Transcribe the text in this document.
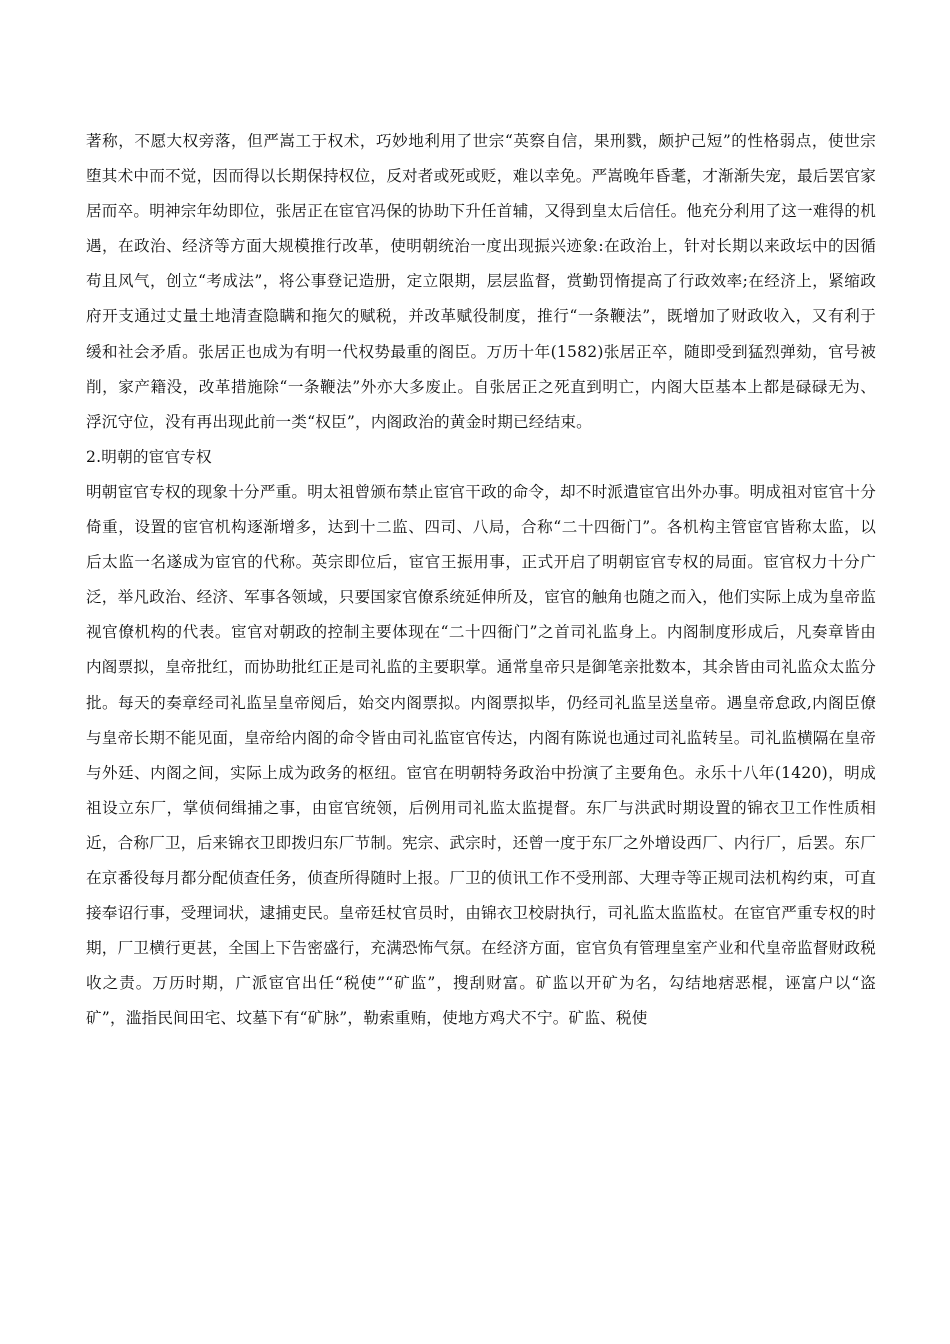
著称，不愿大权旁落，但严嵩工于权术，巧妙地利用了世宗“英察自信，果刑戮，颇护己短”的性格弱点，使世宗堕其术中而不觉，因而得以长期保持权位，反对者或死或贬，难以幸免。严嵩晚年昏耄，才渐渐失宠，最后罢官家居而卒。明神宗年幼即位，张居正在宦官冯保的协助下升任首辅，又得到皇太后信任。他充分利用了这一难得的机遇，在政治、经济等方面大规模推行改革，使明朝统治一度出现振兴迹象:在政治上，针对长期以来政坛中的因循苟且风气，创立“考成法”，将公事登记造册，定立限期，层层监督，赏勤罚惰提高了行政效率;在经济上，紧缩政府开支通过丈量土地清查隐瞒和拖欠的赋税，并改革赋役制度，推行“一条鞭法”，既增加了财政收入，又有利于缓和社会矛盾。张居正也成为有明一代权势最重的阁臣。万历十年(1582)张居正卒，随即受到猛烈弹劾，官号被削，家产籍没，改革措施除“一条鞭法”外亦大多废止。自张居正之死直到明亡，内阁大臣基本上都是碌碌无为、浮沉守位，没有再出现此前一类“权臣”，内阁政治的黄金时期已经结束。

2.明朝的宦官专权

明朝宦官专权的现象十分严重。明太祖曾颁布禁止宦官干政的命令，却不时派遣宦官出外办事。明成祖对宦官十分倚重，设置的宦官机构逐渐增多，达到十二监、四司、八局，合称“二十四衙门”。各机构主管宦官皆称太监，以后太监一名遂成为宦官的代称。英宗即位后，宦官王振用事，正式开启了明朝宦官专权的局面。宦官权力十分广泛，举凡政治、经济、军事各领域，只要国家官僚系统延伸所及，宦官的触角也随之而入，他们实际上成为皇帝监视官僚机构的代表。宦官对朝政的控制主要体现在“二十四衙门”之首司礼监身上。内阁制度形成后，凡奏章皆由内阁票拟，皇帝批红，而协助批红正是司礼监的主要职掌。通常皇帝只是御笔亲批数本，其余皆由司礼监众太监分批。每天的奏章经司礼监呈皇帝阅后，始交内阁票拟。内阁票拟毕，仍经司礼监呈送皇帝。遇皇帝怠政,内阁臣僚与皇帝长期不能见面，皇帝给内阁的命令皆由司礼监宦官传达，内阁有陈说也通过司礼监转呈。司礼监横隔在皇帝与外廷、内阁之间，实际上成为政务的枢纽。宦官在明朝特务政治中扮演了主要角色。永乐十八年(1420)，明成祖设立东厂，掌侦伺缉捕之事，由宦官统领，后例用司礼监太监提督。东厂与洪武时期设置的锦衣卫工作性质相近，合称厂卫，后来锦衣卫即拨归东厂节制。宪宗、武宗时，还曾一度于东厂之外增设西厂、内行厂，后罢。东厂在京番役每月都分配侦查任务，侦查所得随时上报。厂卫的侦讯工作不受刑部、大理寺等正规司法机构约束，可直接奉诏行事，受理词状，逮捕吏民。皇帝廷杖官员时，由锦衣卫校尉执行，司礼监太监监杖。在宦官严重专权的时期，厂卫横行更甚，全国上下告密盛行，充满恐怖气氛。在经济方面，宦官负有管理皇室产业和代皇帝监督财政税收之责。万历时期，广派宦官出任“税使”“矿监”，搜刮财富。矿监以开矿为名，勾结地痞恶棍，诬富户以“盗矿”，滥指民间田宅、坟墓下有“矿脉”，勒索重贿，使地方鸡犬不宁。矿监、税使
